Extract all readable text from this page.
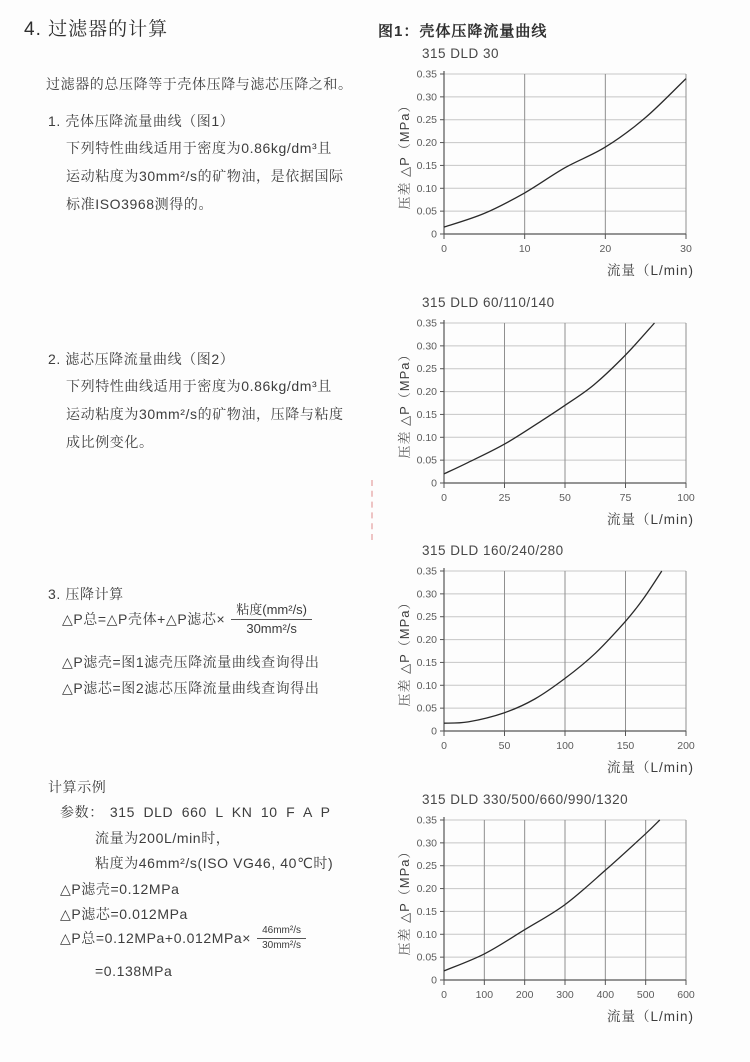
4. 过滤器的计算
过滤器的总压降等于壳体压降与滤芯压降之和。
1. 壳体压降流量曲线（图1）
下列特性曲线适用于密度为0.86kg/dm³且
运动粘度为30mm²/s的矿物油，是依据国际
标准ISO3968测得的。
2. 滤芯压降流量曲线（图2）
下列特性曲线适用于密度为0.86kg/dm³且
运动粘度为30mm²/s的矿物油，压降与粘度
成比例变化。
3. 压降计算
△P总=△P壳体+△P滤芯× $\frac{\text{粘度(mm²/s)}}{\text{30mm²/s}}$
△P滤壳=图1滤壳压降流量曲线查询得出
△P滤芯=图2滤芯压降流量曲线查询得出
计算示例
参数： 315 DLD 660 L KN 10 F A P
流量为200L/min时，
粘度为46mm²/s(ISO VG46, 40℃时)
△P滤壳=0.12MPa
△P滤芯=0.012MPa
△P总$=0.12MPa+0.012MPa\times \frac{\text{46mm²/s}}{\text{30mm²/s}}$
=0.138MPa
图1：壳体压降流量曲线
315 DLD 30
0
0.05
0.10
0.15
0.20
0.25
0.30
0.35
0	10	20	30
压差 △P（MPa）
流量（L/min)
315 DLD 60/110/140
0
0.05
0.10
0.15
0.20
0.25
0.30
0.35
0	25	50	75	100
压差 △P（MPa）
流量（L/min)
315 DLD 160/240/280
0
0.05
0.10
0.15
0.20
0.25
0.30
0.35
0	50	100	150	200
压差 △P（MPa）
流量（L/min)
315 DLD 330/500/660/990/1320
0
0.05
0.10
0.15
0.20
0.25
0.30
0.35
0	100 200 300 400 500 600
压差 △P（MPa）
流量（L/min)
